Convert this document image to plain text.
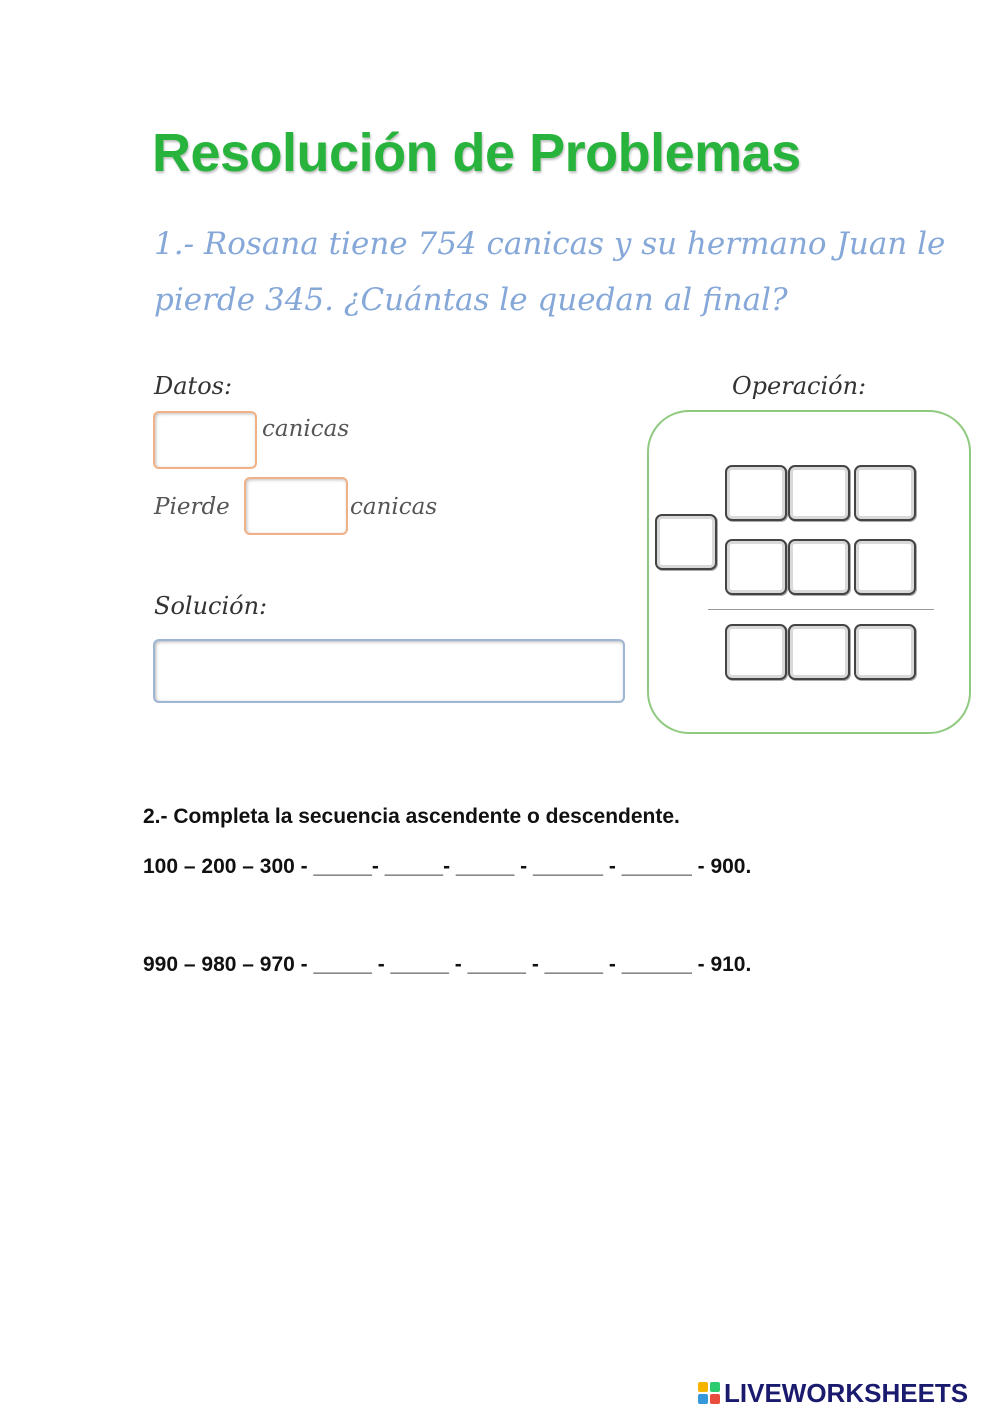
Resolución de Problemas
1.- Rosana tiene 754 canicas y su hermano Juan le
pierde 345. ¿Cuántas le quedan al final?
Datos:	Operación:
canicas
Pierde	canicas
Solución:
2.- Completa la secuencia ascendente o descendente.
100 – 200 – 300 - _____- _____- _____ - ______ - ______ - 900.
990 – 980 – 970 - _____ - _____ - _____ - _____ - ______ - 910.
LIVEWORKSHEETS
